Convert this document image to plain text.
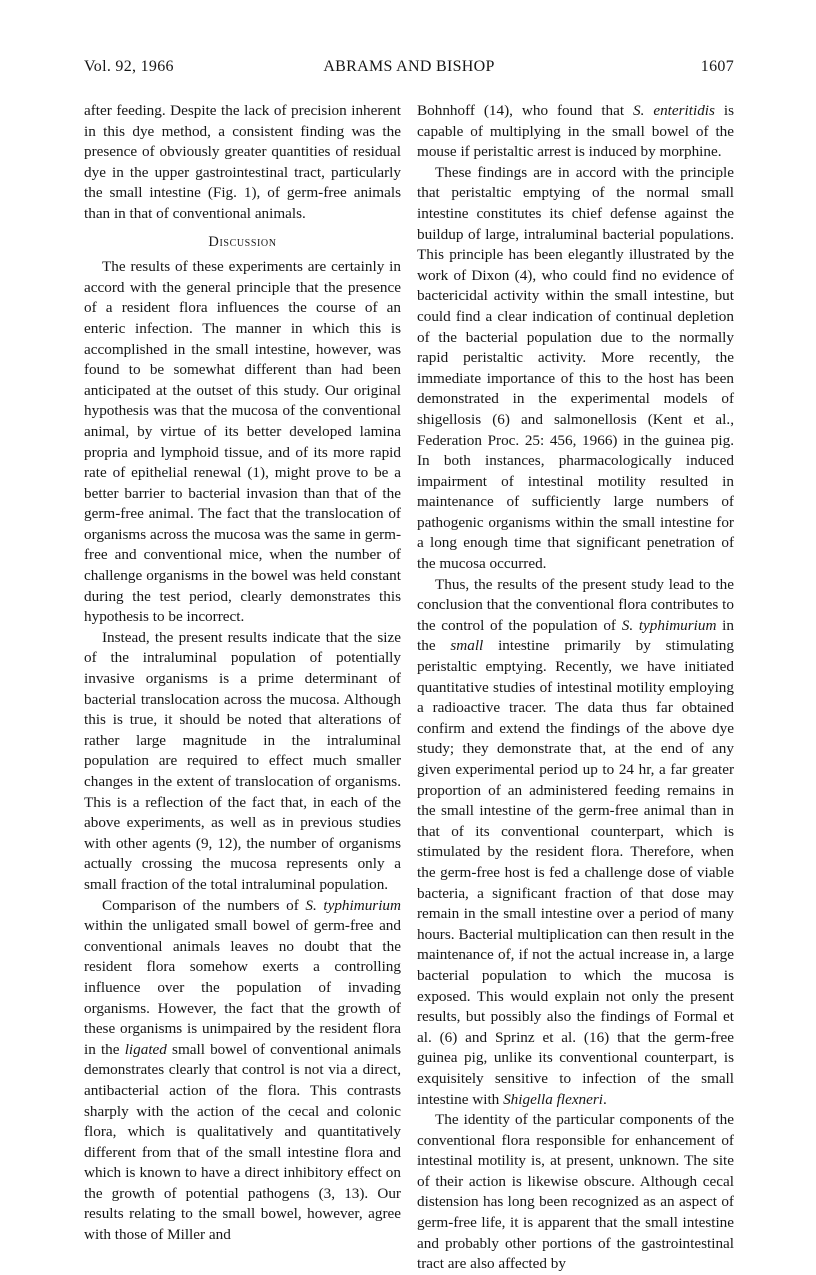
Vol. 92, 1966	ABRAMS AND BISHOP	1607

after feeding. Despite the lack of precision inherent in this dye method, a consistent finding was the presence of obviously greater quantities of residual dye in the upper gastrointestinal tract, particularly the small intestine (Fig. 1), of germ-free animals than in that of conventional animals.

Discussion

The results of these experiments are certainly in accord with the general principle that the presence of a resident flora influences the course of an enteric infection. The manner in which this is accomplished in the small intestine, however, was found to be somewhat different than had been anticipated at the outset of this study. Our original hypothesis was that the mucosa of the conventional animal, by virtue of its better developed lamina propria and lymphoid tissue, and of its more rapid rate of epithelial renewal (1), might prove to be a better barrier to bacterial invasion than that of the germ-free animal. The fact that the translocation of organisms across the mucosa was the same in germ-free and conventional mice, when the number of challenge organisms in the bowel was held constant during the test period, clearly demonstrates this hypothesis to be incorrect.

Instead, the present results indicate that the size of the intraluminal population of potentially invasive organisms is a prime determinant of bacterial translocation across the mucosa. Although this is true, it should be noted that alterations of rather large magnitude in the intraluminal population are required to effect much smaller changes in the extent of translocation of organisms. This is a reflection of the fact that, in each of the above experiments, as well as in previous studies with other agents (9, 12), the number of organisms actually crossing the mucosa represents only a small fraction of the total intraluminal population.

Comparison of the numbers of S. typhimurium within the unligated small bowel of germ-free and conventional animals leaves no doubt that the resident flora somehow exerts a controlling influence over the population of invading organisms. However, the fact that the growth of these organisms is unimpaired by the resident flora in the ligated small bowel of conventional animals demonstrates clearly that control is not via a direct, antibacterial action of the flora. This contrasts sharply with the action of the cecal and colonic flora, which is qualitatively and quantitatively different from that of the small intestine flora and which is known to have a direct inhibitory effect on the growth of potential pathogens (3, 13). Our results relating to the small bowel, however, agree with those of Miller and

Bohnhoff (14), who found that S. enteritidis is capable of multiplying in the small bowel of the mouse if peristaltic arrest is induced by morphine.

These findings are in accord with the principle that peristaltic emptying of the normal small intestine constitutes its chief defense against the buildup of large, intraluminal bacterial populations. This principle has been elegantly illustrated by the work of Dixon (4), who could find no evidence of bactericidal activity within the small intestine, but could find a clear indication of continual depletion of the bacterial population due to the normally rapid peristaltic activity. More recently, the immediate importance of this to the host has been demonstrated in the experimental models of shigellosis (6) and salmonellosis (Kent et al., Federation Proc. 25: 456, 1966) in the guinea pig. In both instances, pharmacologically induced impairment of intestinal motility resulted in maintenance of sufficiently large numbers of pathogenic organisms within the small intestine for a long enough time that significant penetration of the mucosa occurred.

Thus, the results of the present study lead to the conclusion that the conventional flora contributes to the control of the population of S. typhimurium in the small intestine primarily by stimulating peristaltic emptying. Recently, we have initiated quantitative studies of intestinal motility employing a radioactive tracer. The data thus far obtained confirm and extend the findings of the above dye study; they demonstrate that, at the end of any given experimental period up to 24 hr, a far greater proportion of an administered feeding remains in the small intestine of the germ-free animal than in that of its conventional counterpart, which is stimulated by the resident flora. Therefore, when the germ-free host is fed a challenge dose of viable bacteria, a significant fraction of that dose may remain in the small intestine over a period of many hours. Bacterial multiplication can then result in the maintenance of, if not the actual increase in, a large bacterial population to which the mucosa is exposed. This would explain not only the present results, but possibly also the findings of Formal et al. (6) and Sprinz et al. (16) that the germ-free guinea pig, unlike its conventional counterpart, is exquisitely sensitive to infection of the small intestine with Shigella flexneri.

The identity of the particular components of the conventional flora responsible for enhancement of intestinal motility is, at present, unknown. The site of their action is likewise obscure. Although cecal distension has long been recognized as an aspect of germ-free life, it is apparent that the small intestine and probably other portions of the gastrointestinal tract are also affected by
